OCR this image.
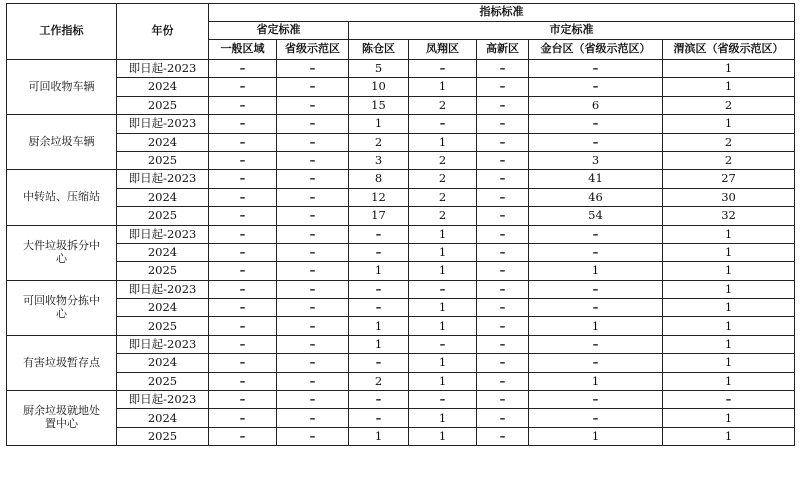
工作指标	年份	指标标准						
		省定标准		市定标准				
		一般区域	省级示范区	陈仓区	凤翔区	高新区	金台区（省级示范区）	渭滨区（省级示范区）
可回收物车辆	即日起-2023	–	–	5	–	–	–	1
	2024	–	–	10	1	–	–	1
	2025	–	–	15	2	–	6	2
厨余垃圾车辆	即日起-2023	–	–	1	–	–	–	1
	2024	–	–	2	1	–	–	2
	2025	–	–	3	2	–	3	2
中转站、压缩站	即日起-2023	–	–	8	2	–	41	27
	2024	–	–	12	2	–	46	30
	2025	–	–	17	2	–	54	32
大件垃圾拆分中心	即日起-2023	–	–	–	1	–	–	1
	2024	–	–	–	1	–	–	1
	2025	–	–	1	1	–	1	1
可回收物分拣中心	即日起-2023	–	–	–	–	–	–	1
	2024	–	–	–	1	–	–	1
	2025	–	–	1	1	–	1	1
有害垃圾暂存点	即日起-2023	–	–	1	–	–	–	1
	2024	–	–	–	1	–	–	1
	2025	–	–	2	1	–	1	1
厨余垃圾就地处置中心	即日起-2023	–	–	–	–	–	–	–
	2024	–	–	–	1	–	–	1
	2025	–	–	1	1	–	1	1
